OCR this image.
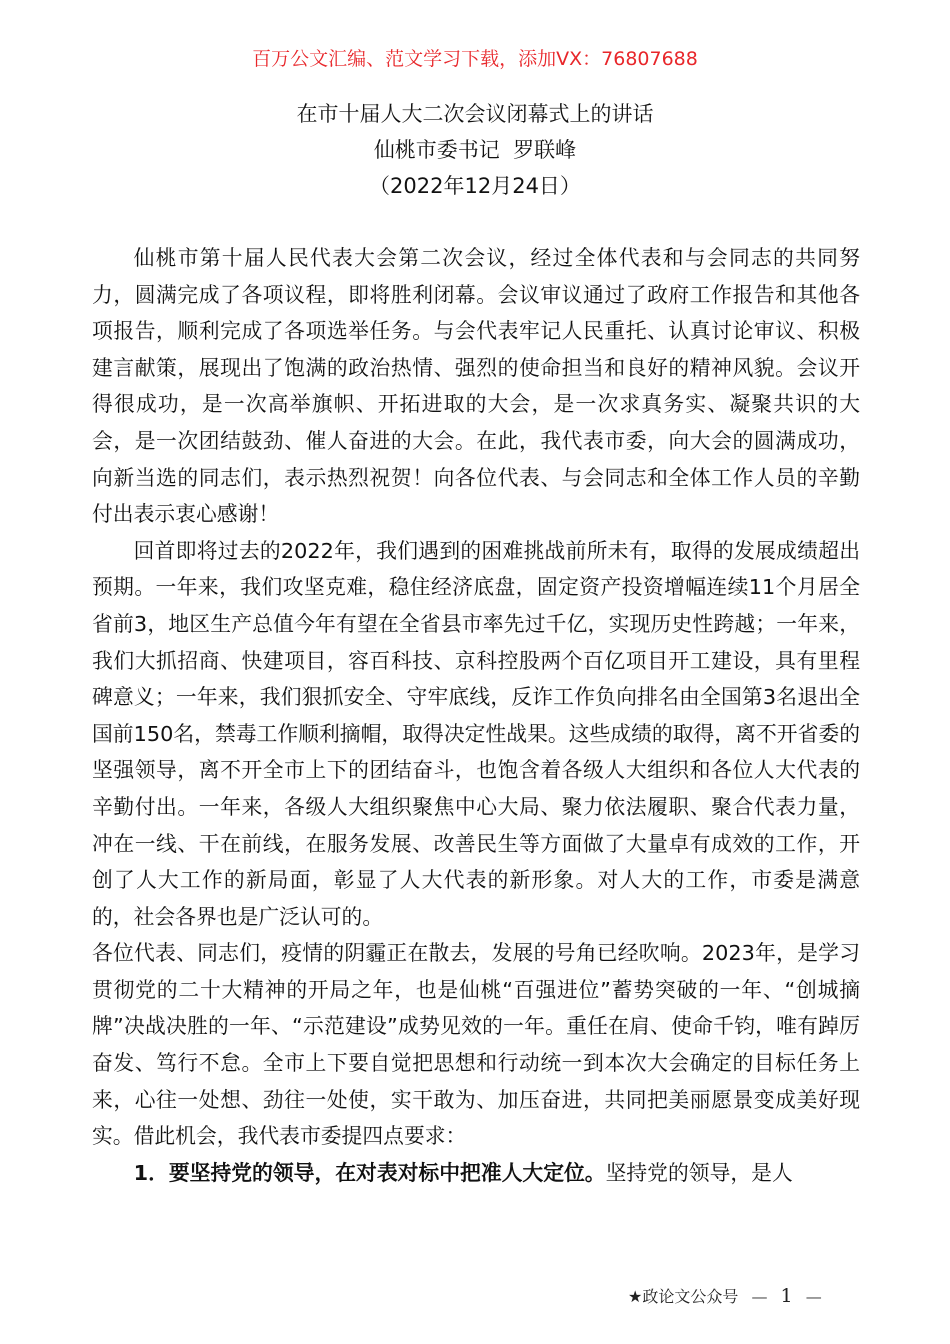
百万公文汇编、范文学习下载，添加VX：76807688
在市十届人大二次会议闭幕式上的讲话
仙桃市委书记  罗联峰
（2022年12月24日）

仙桃市第十届人民代表大会第二次会议，经过全体代表和与会同志的共同努力，圆满完成了各项议程，即将胜利闭幕。会议审议通过了政府工作报告和其他各项报告，顺利完成了各项选举任务。与会代表牢记人民重托、认真讨论审议、积极建言献策，展现出了饱满的政治热情、强烈的使命担当和良好的精神风貌。会议开得很成功，是一次高举旗帜、开拓进取的大会，是一次求真务实、凝聚共识的大会，是一次团结鼓劲、催人奋进的大会。在此，我代表市委，向大会的圆满成功，向新当选的同志们，表示热烈祝贺！向各位代表、与会同志和全体工作人员的辛勤付出表示衷心感谢！

回首即将过去的2022年，我们遇到的困难挑战前所未有，取得的发展成绩超出预期。一年来，我们攻坚克难，稳住经济底盘，固定资产投资增幅连续11个月居全省前3，地区生产总值今年有望在全省县市率先过千亿，实现历史性跨越；一年来，我们大抓招商、快建项目，容百科技、京科控股两个百亿项目开工建设，具有里程碑意义；一年来，我们狠抓安全、守牢底线，反诈工作负向排名由全国第3名退出全国前150名，禁毒工作顺利摘帽，取得决定性战果。这些成绩的取得，离不开省委的坚强领导，离不开全市上下的团结奋斗，也饱含着各级人大组织和各位人大代表的辛勤付出。一年来，各级人大组织聚焦中心大局、聚力依法履职、聚合代表力量，冲在一线、干在前线，在服务发展、改善民生等方面做了大量卓有成效的工作，开创了人大工作的新局面，彰显了人大代表的新形象。对人大的工作，市委是满意的，社会各界也是广泛认可的。

各位代表、同志们，疫情的阴霾正在散去，发展的号角已经吹响。2023年，是学习贯彻党的二十大精神的开局之年，也是仙桃“百强进位”蓄势突破的一年、“创城摘牌”决战决胜的一年、“示范建设”成势见效的一年。重任在肩、使命千钧，唯有踔厉奋发、笃行不怠。全市上下要自觉把思想和行动统一到本次大会确定的目标任务上来，心往一处想、劲往一处使，实干敢为、加压奋进，共同把美丽愿景变成美好现实。借此机会，我代表市委提四点要求：

1．要坚持党的领导，在对表对标中把准人大定位。坚持党的领导，是人

★政论文公众号 — 1 —
